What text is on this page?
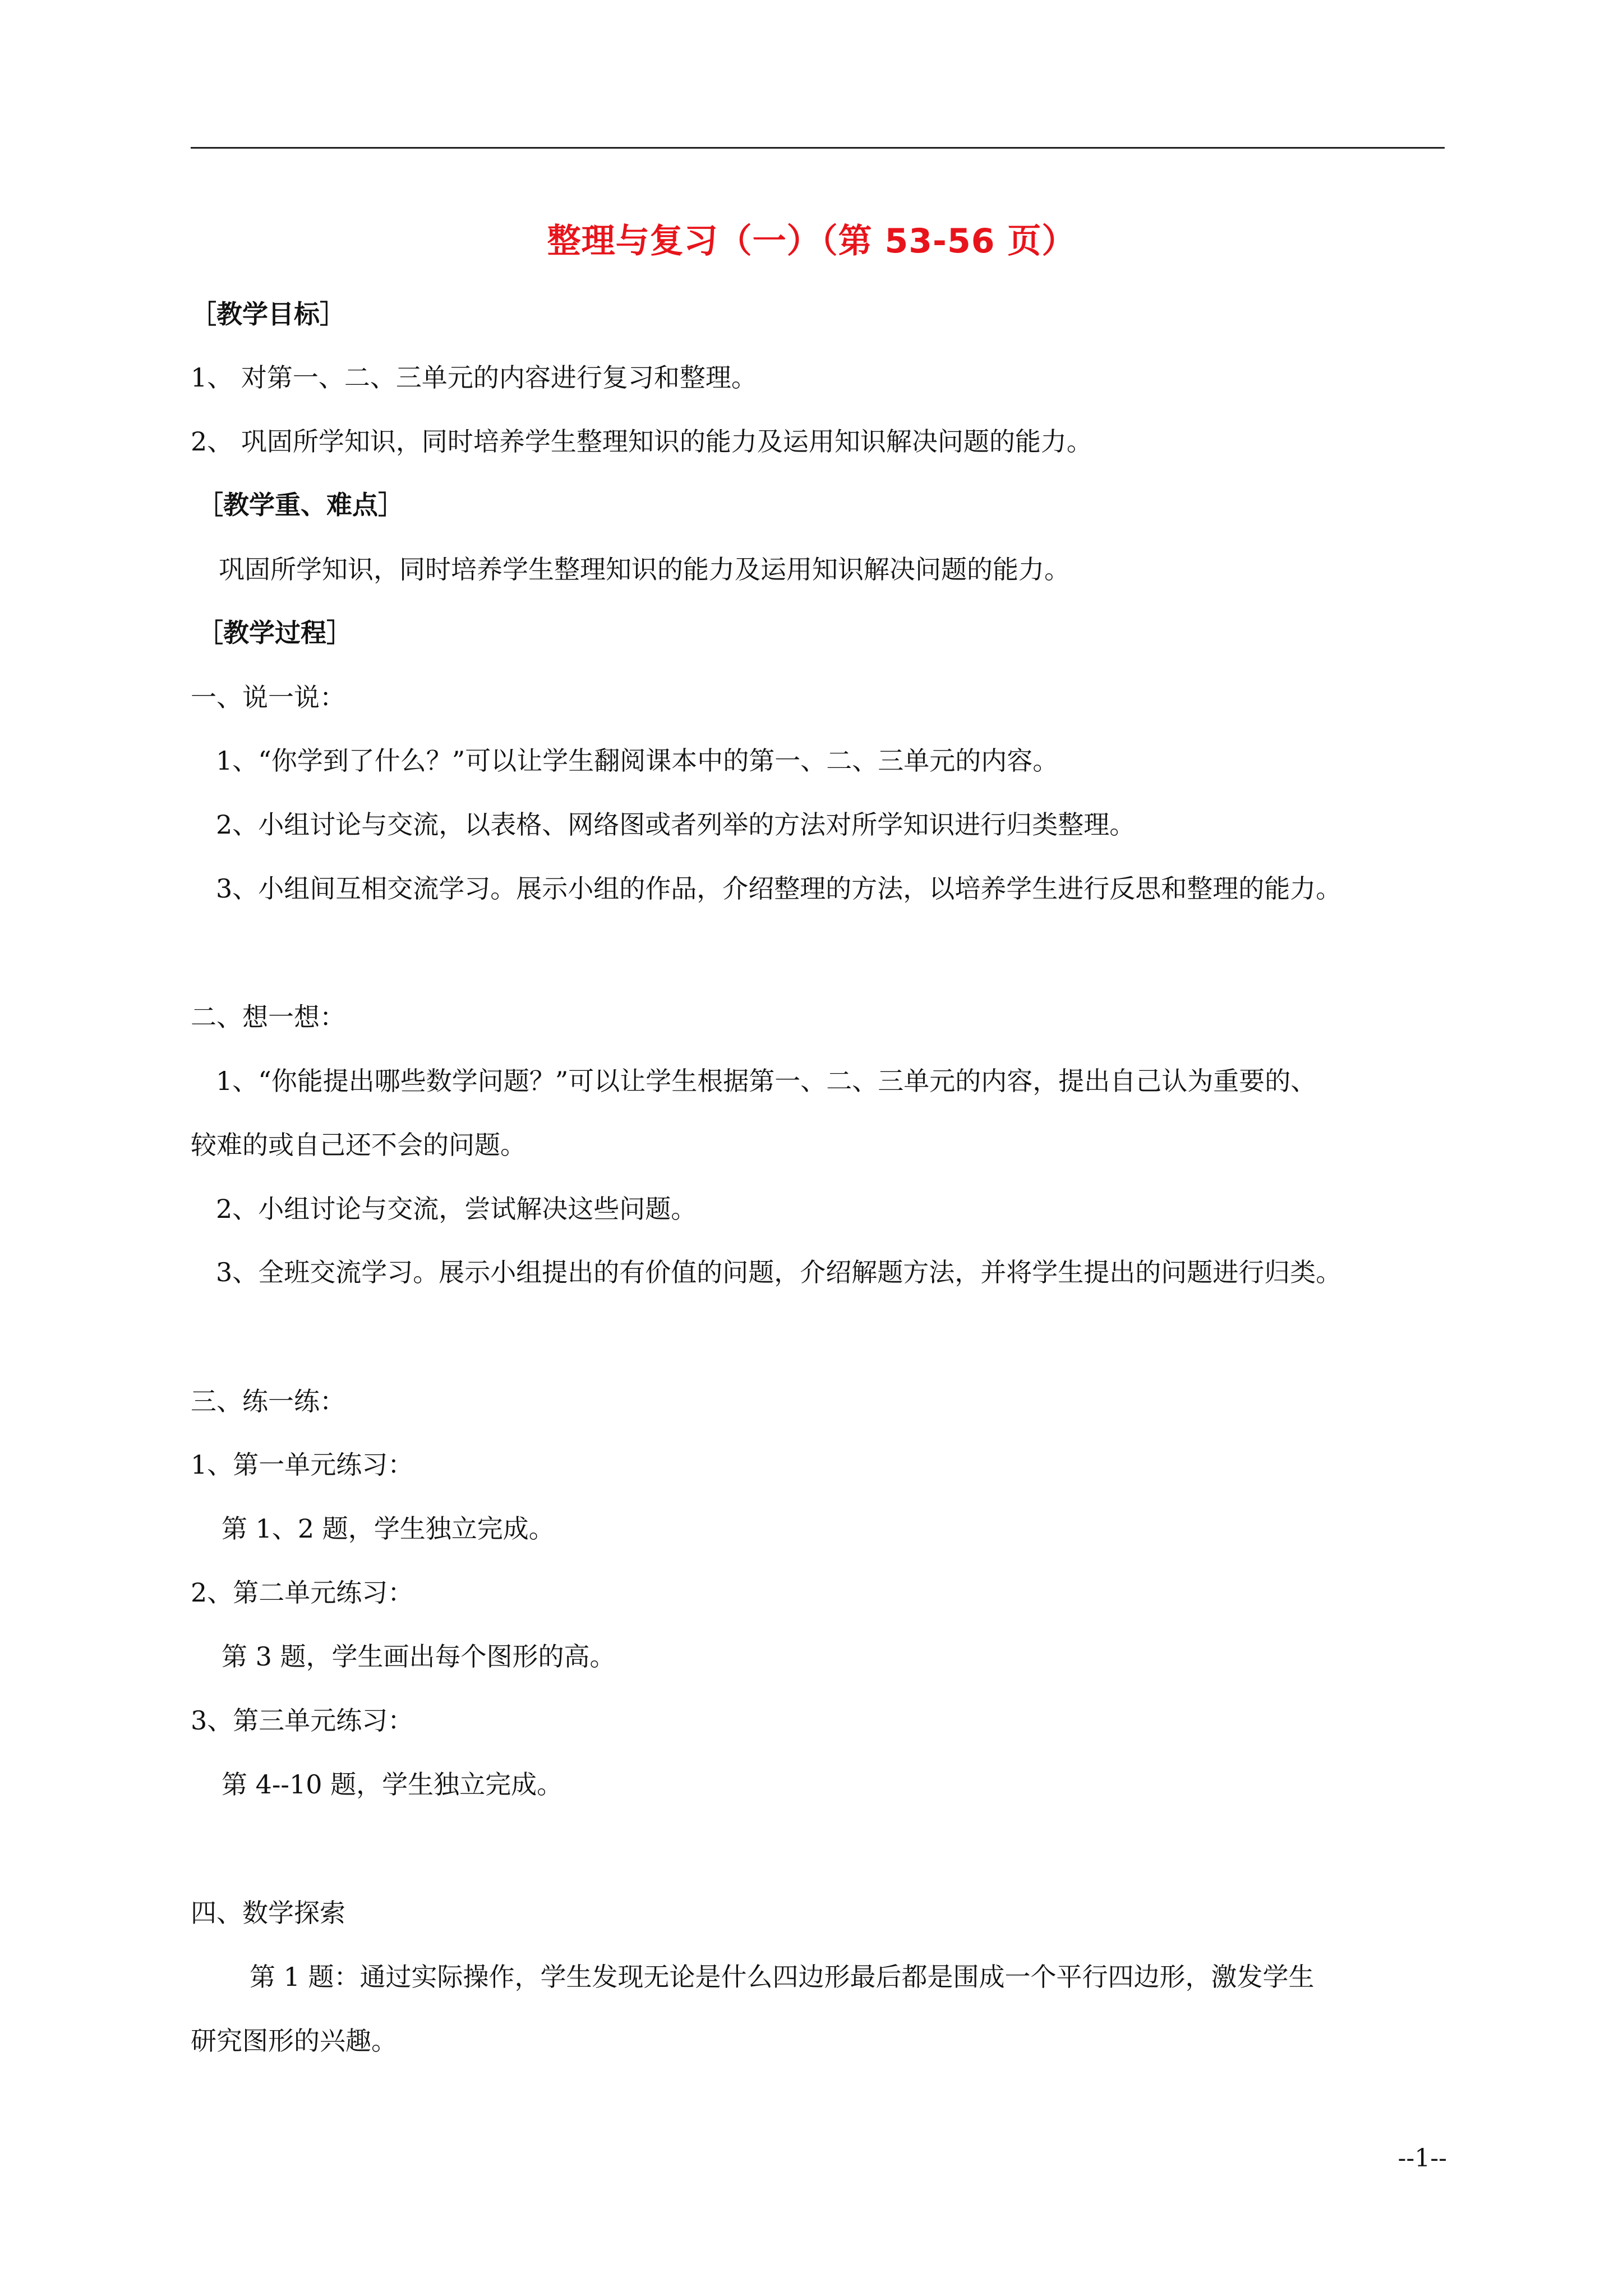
整理与复习（一）（第 53-56 页）
［教学目标］
1、 对第一、二、三单元的内容进行复习和整理。
2、 巩固所学知识，同时培养学生整理知识的能力及运用知识解决问题的能力。
［教学重、难点］
巩固所学知识，同时培养学生整理知识的能力及运用知识解决问题的能力。
［教学过程］
一、说一说：
1、“你学到了什么？”可以让学生翻阅课本中的第一、二、三单元的内容。
2、小组讨论与交流，以表格、网络图或者列举的方法对所学知识进行归类整理。
3、小组间互相交流学习。展示小组的作品，介绍整理的方法，以培养学生进行反思和整理的能力。
二、想一想：
1、“你能提出哪些数学问题？”可以让学生根据第一、二、三单元的内容，提出自己认为重要的、
较难的或自己还不会的问题。
2、小组讨论与交流，尝试解决这些问题。
3、全班交流学习。展示小组提出的有价值的问题，介绍解题方法，并将学生提出的问题进行归类。
三、练一练：
1、第一单元练习：
第 1、2 题，学生独立完成。
2、第二单元练习：
第 3 题，学生画出每个图形的高。
3、第三单元练习：
第 4--10 题，学生独立完成。
四、数学探索
第 1 题：通过实际操作，学生发现无论是什么四边形最后都是围成一个平行四边形，激发学生
研究图形的兴趣。
--1--
